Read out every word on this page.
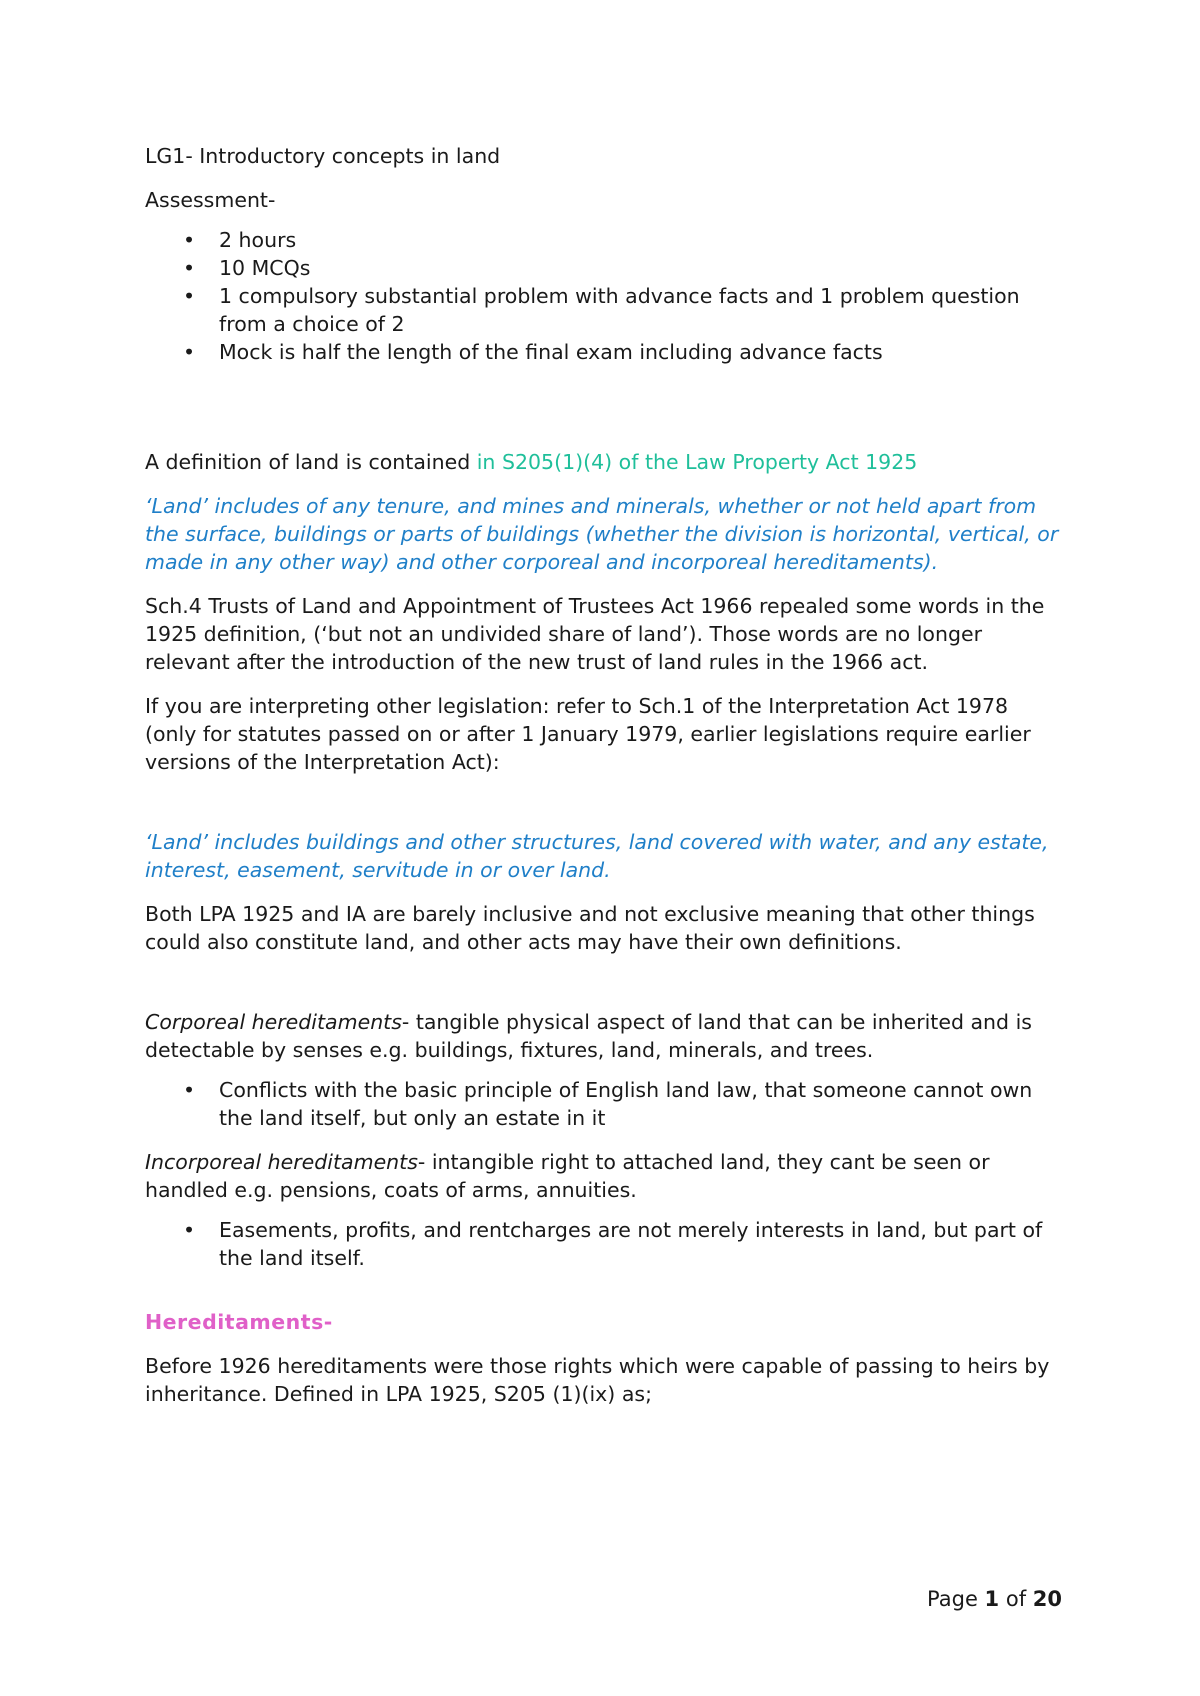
LG1- Introductory concepts in land

Assessment-

• 2 hours
• 10 MCQs
• 1 compulsory substantial problem with advance facts and 1 problem question from a choice of 2
• Mock is half the length of the final exam including advance facts

A definition of land is contained in S205(1)(4) of the Law Property Act 1925

‘Land’ includes of any tenure, and mines and minerals, whether or not held apart from the surface, buildings or parts of buildings (whether the division is horizontal, vertical, or made in any other way) and other corporeal and incorporeal hereditaments).

Sch.4 Trusts of Land and Appointment of Trustees Act 1966 repealed some words in the 1925 definition, (‘but not an undivided share of land’). Those words are no longer relevant after the introduction of the new trust of land rules in the 1966 act.

If you are interpreting other legislation: refer to Sch.1 of the Interpretation Act 1978 (only for statutes passed on or after 1 January 1979, earlier legislations require earlier versions of the Interpretation Act):

‘Land’ includes buildings and other structures, land covered with water, and any estate, interest, easement, servitude in or over land.

Both LPA 1925 and IA are barely inclusive and not exclusive meaning that other things could also constitute land, and other acts may have their own definitions.

Corporeal hereditaments- tangible physical aspect of land that can be inherited and is detectable by senses e.g. buildings, fixtures, land, minerals, and trees.

• Conflicts with the basic principle of English land law, that someone cannot own the land itself, but only an estate in it

Incorporeal hereditaments- intangible right to attached land, they cant be seen or handled e.g. pensions, coats of arms, annuities.

• Easements, profits, and rentcharges are not merely interests in land, but part of the land itself.

Hereditaments-

Before 1926 hereditaments were those rights which were capable of passing to heirs by inheritance. Defined in LPA 1925, S205 (1)(ix) as;

Page 1 of 20
